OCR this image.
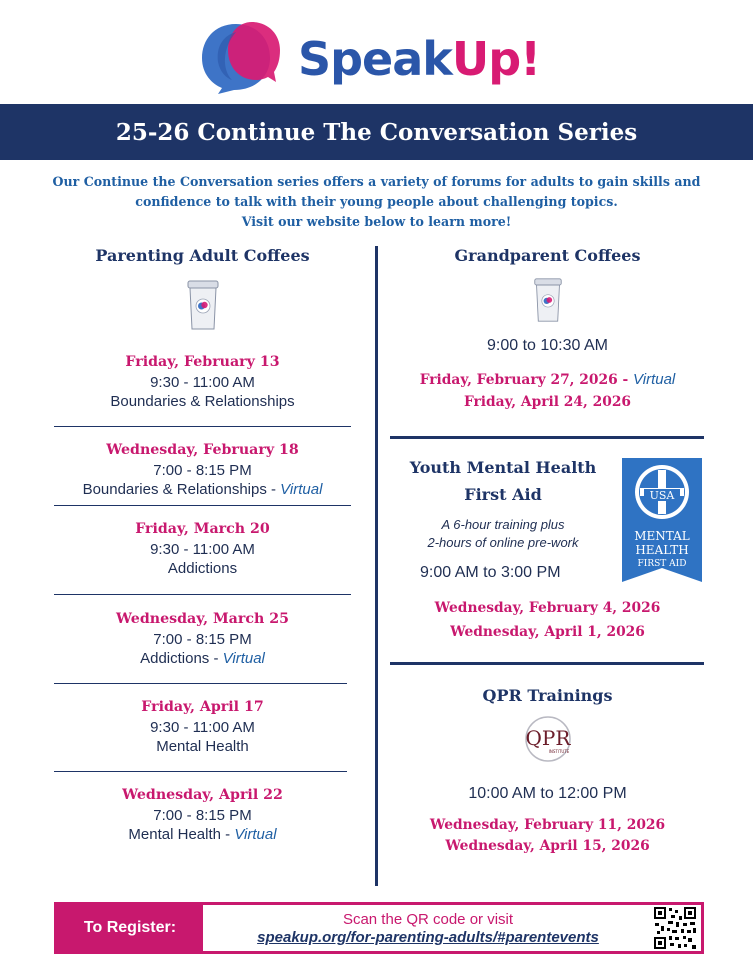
SpeakUp!
25-26 Continue The Conversation Series
Our Continue the Conversation series offers a variety of forums for adults to gain skills and
confidence to talk with their young people about challenging topics.
Visit our website below to learn more!
Parenting Adult Coffees
Friday, February 13
9:30 - 11:00 AM
Boundaries & Relationships
Wednesday, February 18
7:00 - 8:15 PM
Boundaries & Relationships - Virtual
Friday, March 20
9:30 - 11:00 AM
Addictions
Wednesday, March 25
7:00 - 8:15 PM
Addictions - Virtual
Friday, April 17
9:30 - 11:00 AM
Mental Health
Wednesday, April 22
7:00 - 8:15 PM
Mental Health - Virtual
Grandparent Coffees
9:00 to 10:30 AM
Friday, February 27, 2026 - Virtual
Friday, April 24, 2026
Youth Mental Health
First Aid
A 6-hour training plus
2-hours of online pre-work
9:00 AM to 3:00 PM
USA
MENTAL
HEALTH
FIRST AID
Wednesday, February 4, 2026
Wednesday, April 1, 2026
QPR Trainings
QPR
INSTITUTE
10:00 AM to 12:00 PM
Wednesday, February 11, 2026
Wednesday, April 15, 2026
To Register:	Scan the QR code or visit
speakup.org/for-parenting-adults/#parentevents
